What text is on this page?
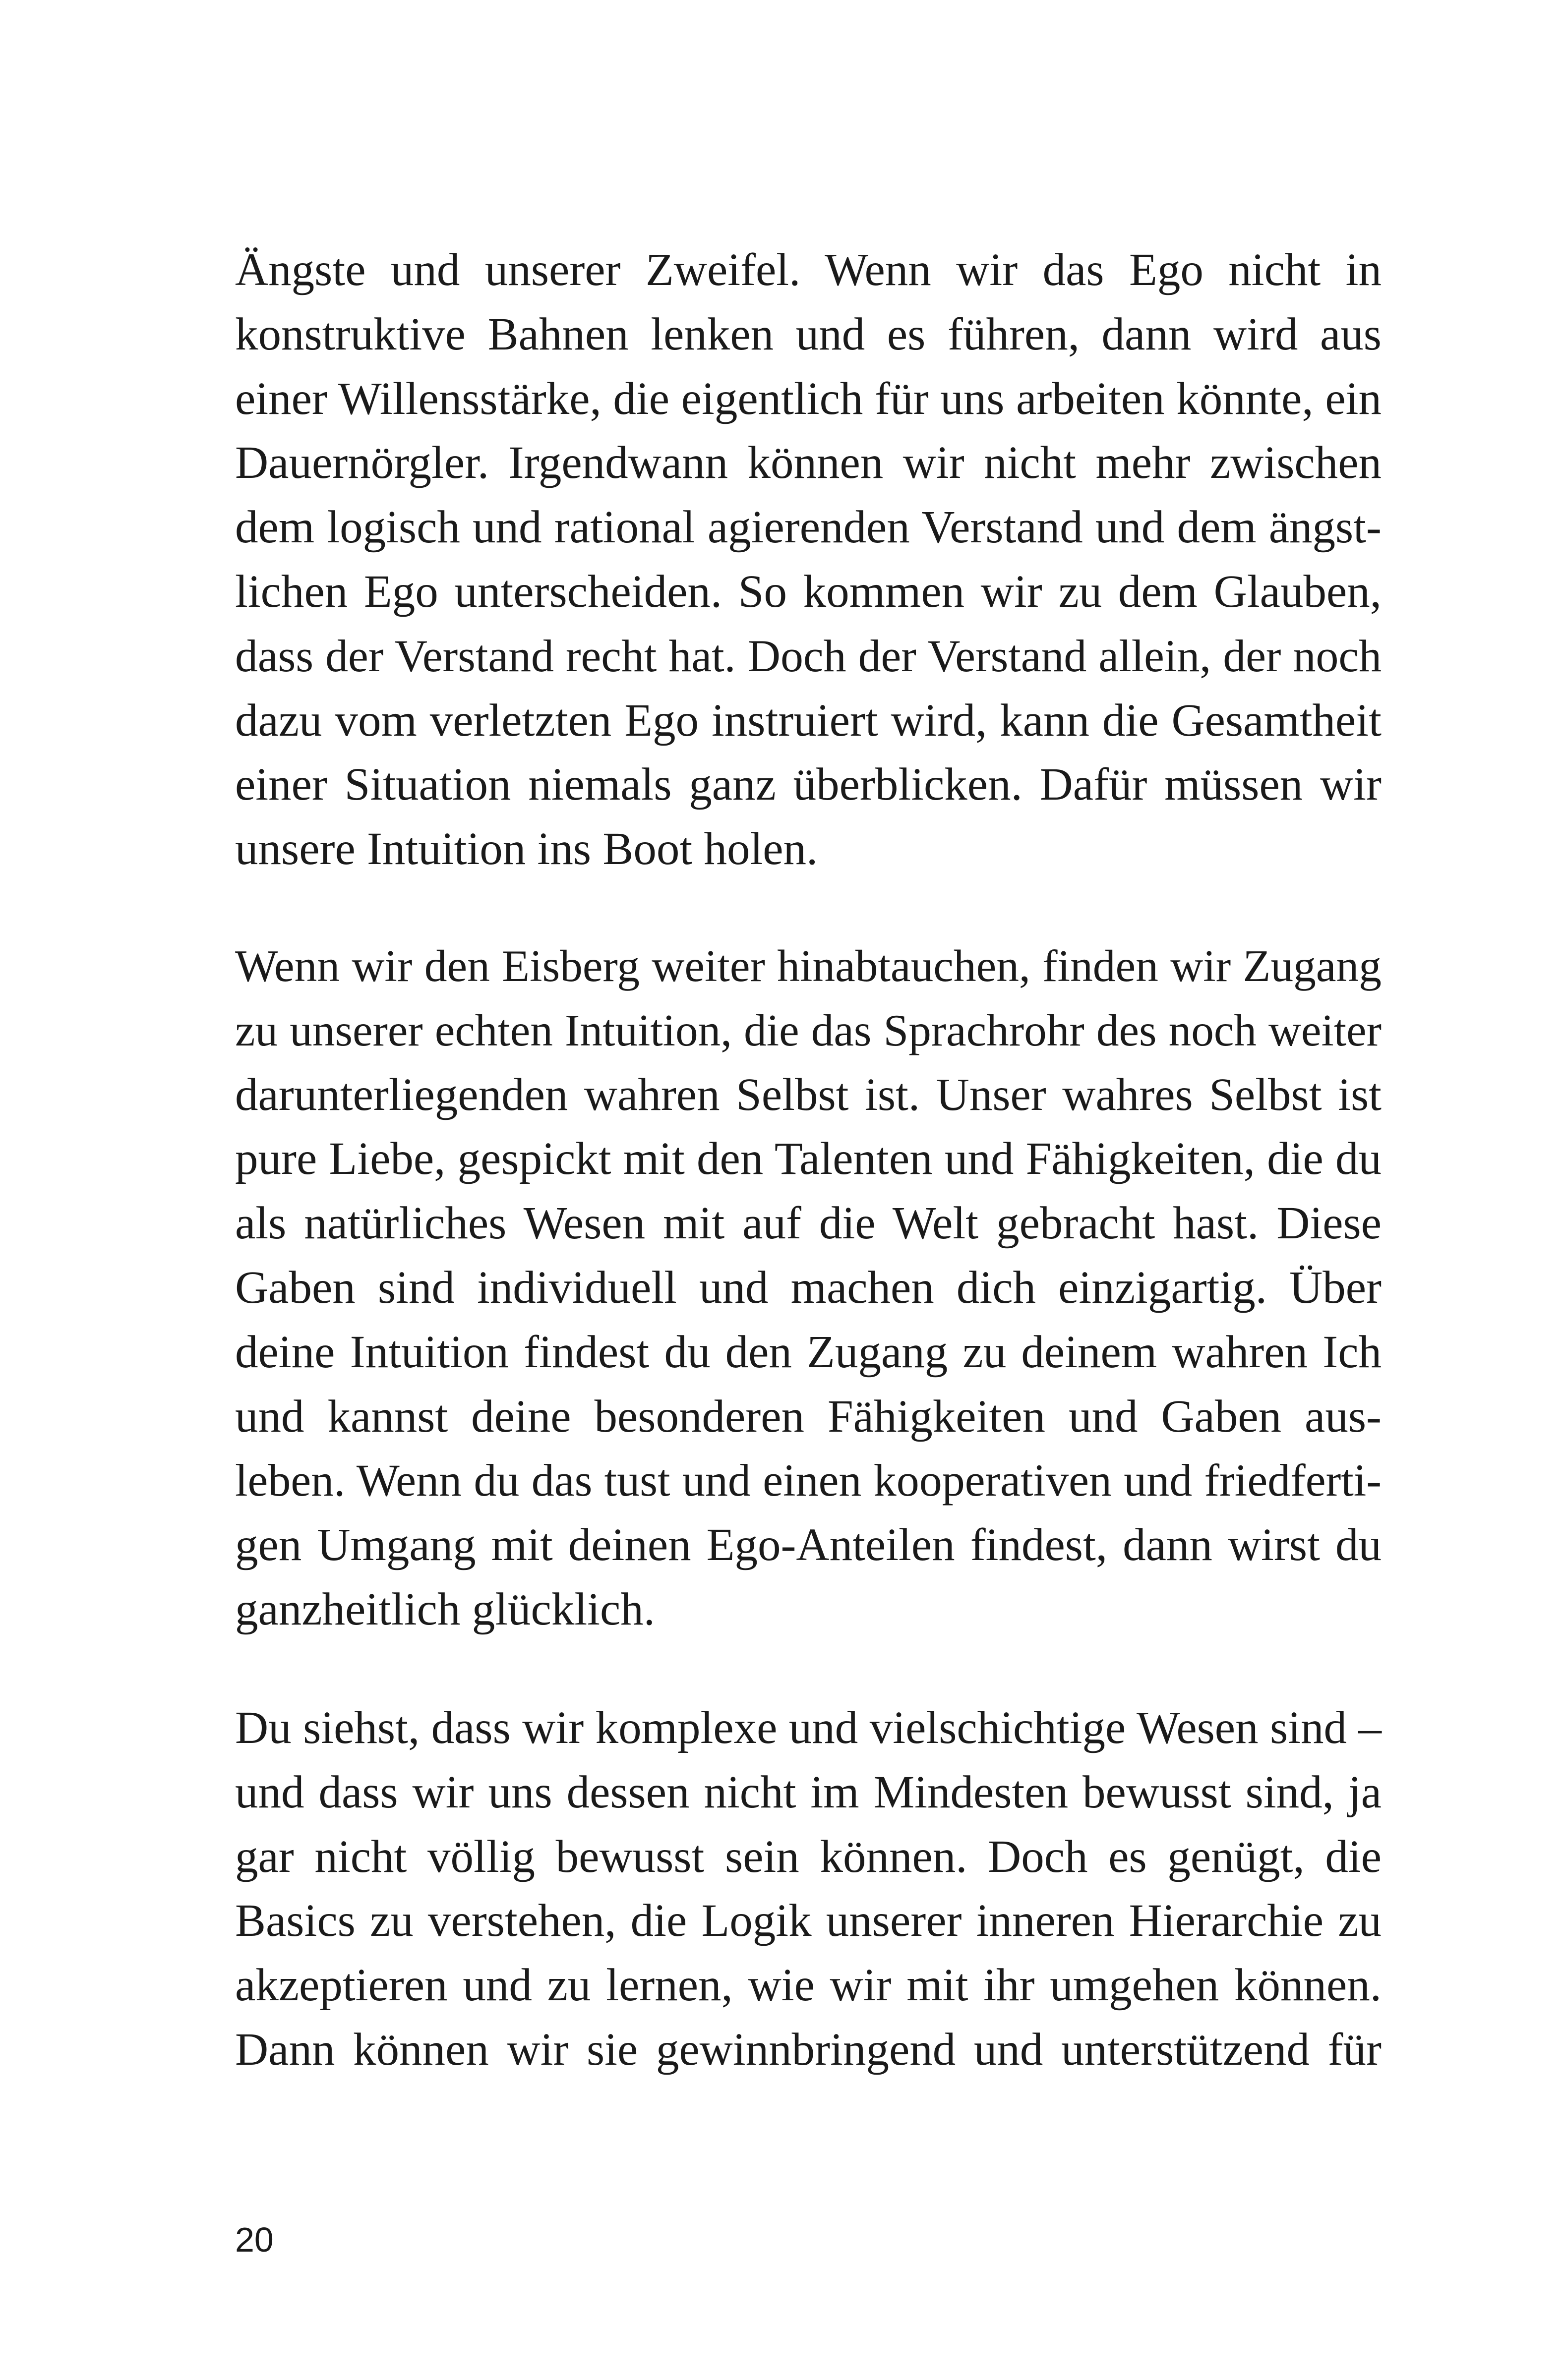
Ängste und unserer Zweifel. Wenn wir das Ego nicht in
konstruktive Bahnen lenken und es führen, dann wird aus
einer Willensstärke, die eigentlich für uns arbeiten könnte, ein
Dauernörgler. Irgendwann können wir nicht mehr zwischen
dem logisch und rational agierenden Verstand und dem ängst-
lichen Ego unterscheiden. So kommen wir zu dem Glauben,
dass der Verstand recht hat. Doch der Verstand allein, der noch
dazu vom verletzten Ego instruiert wird, kann die Gesamtheit
einer Situation niemals ganz überblicken. Dafür müssen wir
unsere Intuition ins Boot holen.
Wenn wir den Eisberg weiter hinabtauchen, finden wir Zugang
zu unserer echten Intuition, die das Sprachrohr des noch weiter
darunterliegenden wahren Selbst ist. Unser wahres Selbst ist
pure Liebe, gespickt mit den Talenten und Fähigkeiten, die du
als natürliches Wesen mit auf die Welt gebracht hast. Diese
Gaben sind individuell und machen dich einzigartig. Über
deine Intuition findest du den Zugang zu deinem wahren Ich
und kannst deine besonderen Fähigkeiten und Gaben aus-
leben. Wenn du das tust und einen kooperativen und friedferti-
gen Umgang mit deinen Ego-Anteilen findest, dann wirst du
ganzheitlich glücklich.
Du siehst, dass wir komplexe und vielschichtige Wesen sind –
und dass wir uns dessen nicht im Mindesten bewusst sind, ja
gar nicht völlig bewusst sein können. Doch es genügt, die
Basics zu verstehen, die Logik unserer inneren Hierarchie zu
akzeptieren und zu lernen, wie wir mit ihr umgehen können.
Dann können wir sie gewinnbringend und unterstützend für
20
